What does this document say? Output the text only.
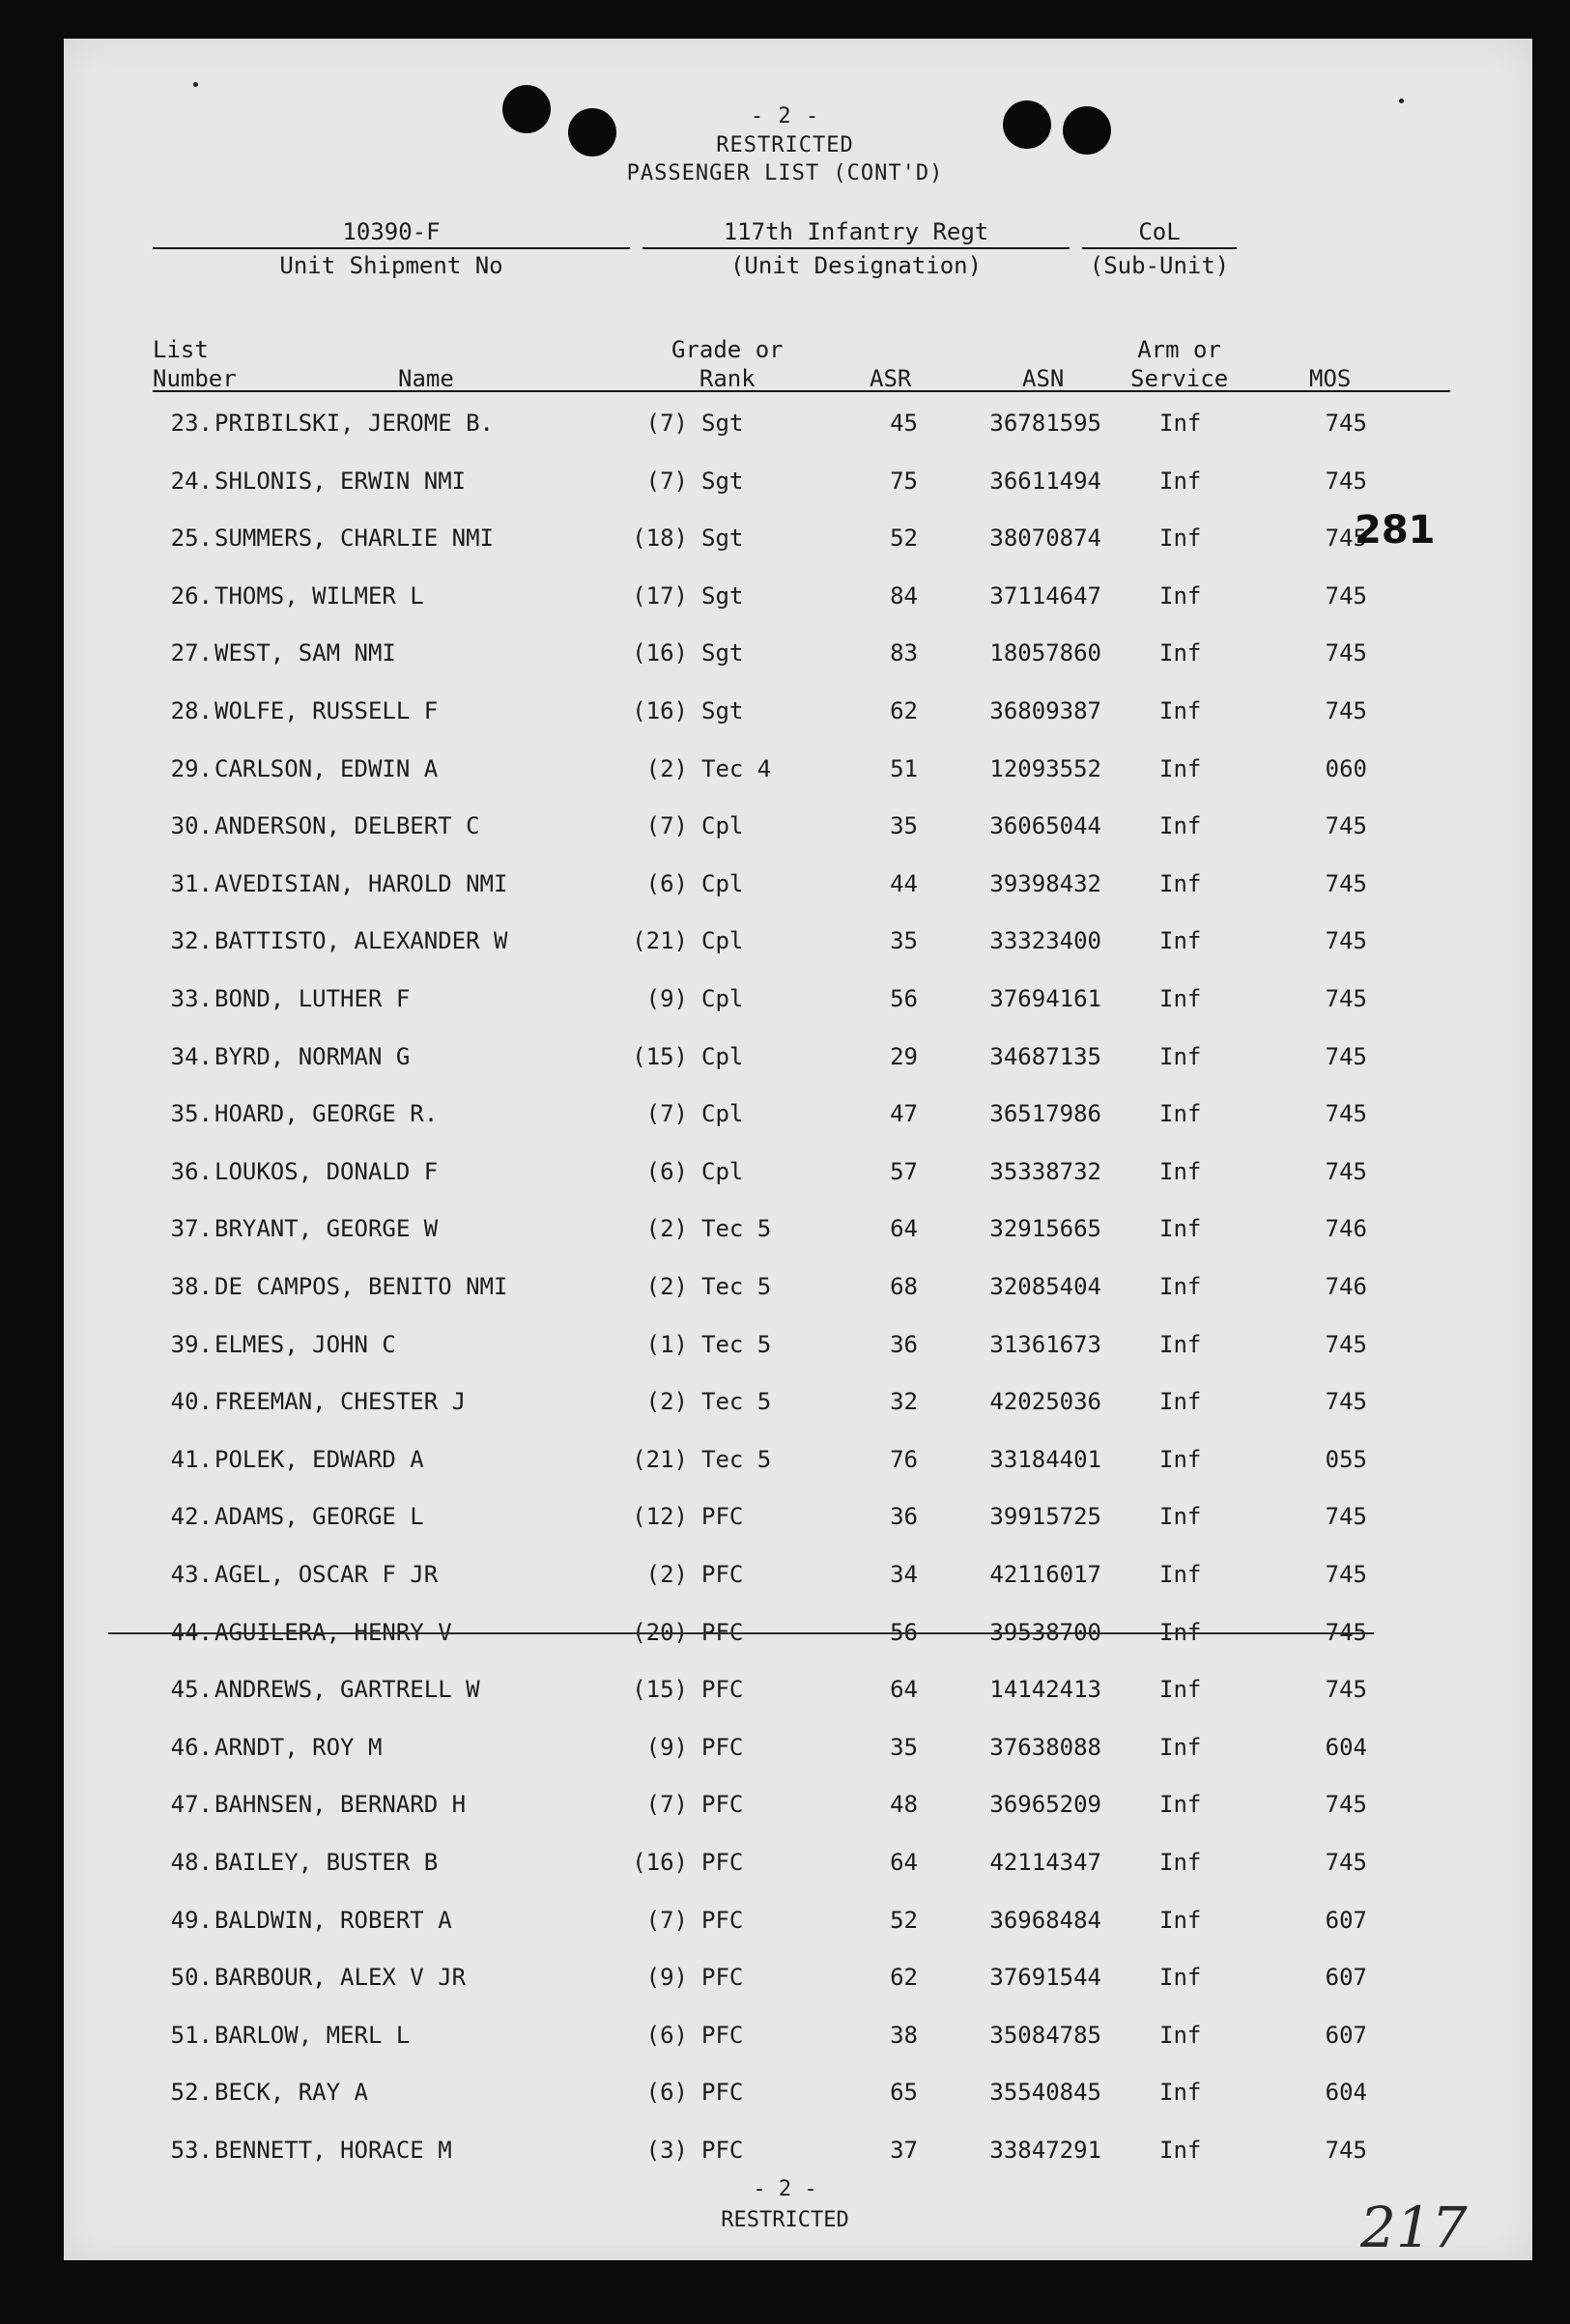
- 2 -
RESTRICTED
PASSENGER LIST (CONT'D)
10390-F
Unit Shipment No
117th Infantry Regt
(Unit Designation)
CoL
(Sub-Unit)
List
Number	Name
Grade or
Rank	ASR	ASN
Arm or
Service	MOS
23. PRIBILSKI, JEROME B.	(7) Sgt	45	36781595	Inf	745
24. SHLONIS, ERWIN NMI	(7) Sgt	75	36611494	Inf	745
25. SUMMERS, CHARLIE NMI	(18) Sgt	52	38070874	Inf	745
26. THOMS, WILMER L	(17) Sgt	84	37114647	Inf	745
27. WEST, SAM NMI	(16) Sgt	83	18057860	Inf	745
28. WOLFE, RUSSELL F	(16) Sgt	62	36809387	Inf	745
29. CARLSON, EDWIN A	(2) Tec 4	51	12093552	Inf	060
30. ANDERSON, DELBERT C	(7) Cpl	35	36065044	Inf	745
31. AVEDISIAN, HAROLD NMI	(6) Cpl	44	39398432	Inf	745
32. BATTISTO, ALEXANDER W	(21) Cpl	35	33323400	Inf	745
33. BOND, LUTHER F	(9) Cpl	56	37694161	Inf	745
34. BYRD, NORMAN G	(15) Cpl	29	34687135	Inf	745
35. HOARD, GEORGE R.	(7) Cpl	47	36517986	Inf	745
36. LOUKOS, DONALD F	(6) Cpl	57	35338732	Inf	745
37. BRYANT, GEORGE W	(2) Tec 5	64	32915665	Inf	746
38. DE CAMPOS, BENITO NMI	(2) Tec 5	68	32085404	Inf	746
39. ELMES, JOHN C	(1) Tec 5	36	31361673	Inf	745
40. FREEMAN, CHESTER J	(2) Tec 5	32	42025036	Inf	745
41. POLEK, EDWARD A	(21) Tec 5	76	33184401	Inf	055
42. ADAMS, GEORGE L	(12) PFC	36	39915725	Inf	745
43. AGEL, OSCAR F JR	(2) PFC	34	42116017	Inf	745
44. AGUILERA, HENRY V	(20) PFC	56	39538700	Inf	745
45. ANDREWS, GARTRELL W	(15) PFC	64	14142413	Inf	745
46. ARNDT, ROY M	(9) PFC	35	37638088	Inf	604
47. BAHNSEN, BERNARD H	(7) PFC	48	36965209	Inf	745
48. BAILEY, BUSTER B	(16) PFC	64	42114347	Inf	745
49. BALDWIN, ROBERT A	(7) PFC	52	36968484	Inf	607
50. BARBOUR, ALEX V JR	(9) PFC	62	37691544	Inf	607
51. BARLOW, MERL L	(6) PFC	38	35084785	Inf	607
52. BECK, RAY A	(6) PFC	65	35540845	Inf	604
53. BENNETT, HORACE M	(3) PFC	37	33847291	Inf	745
281
- 2 -
RESTRICTED	217
